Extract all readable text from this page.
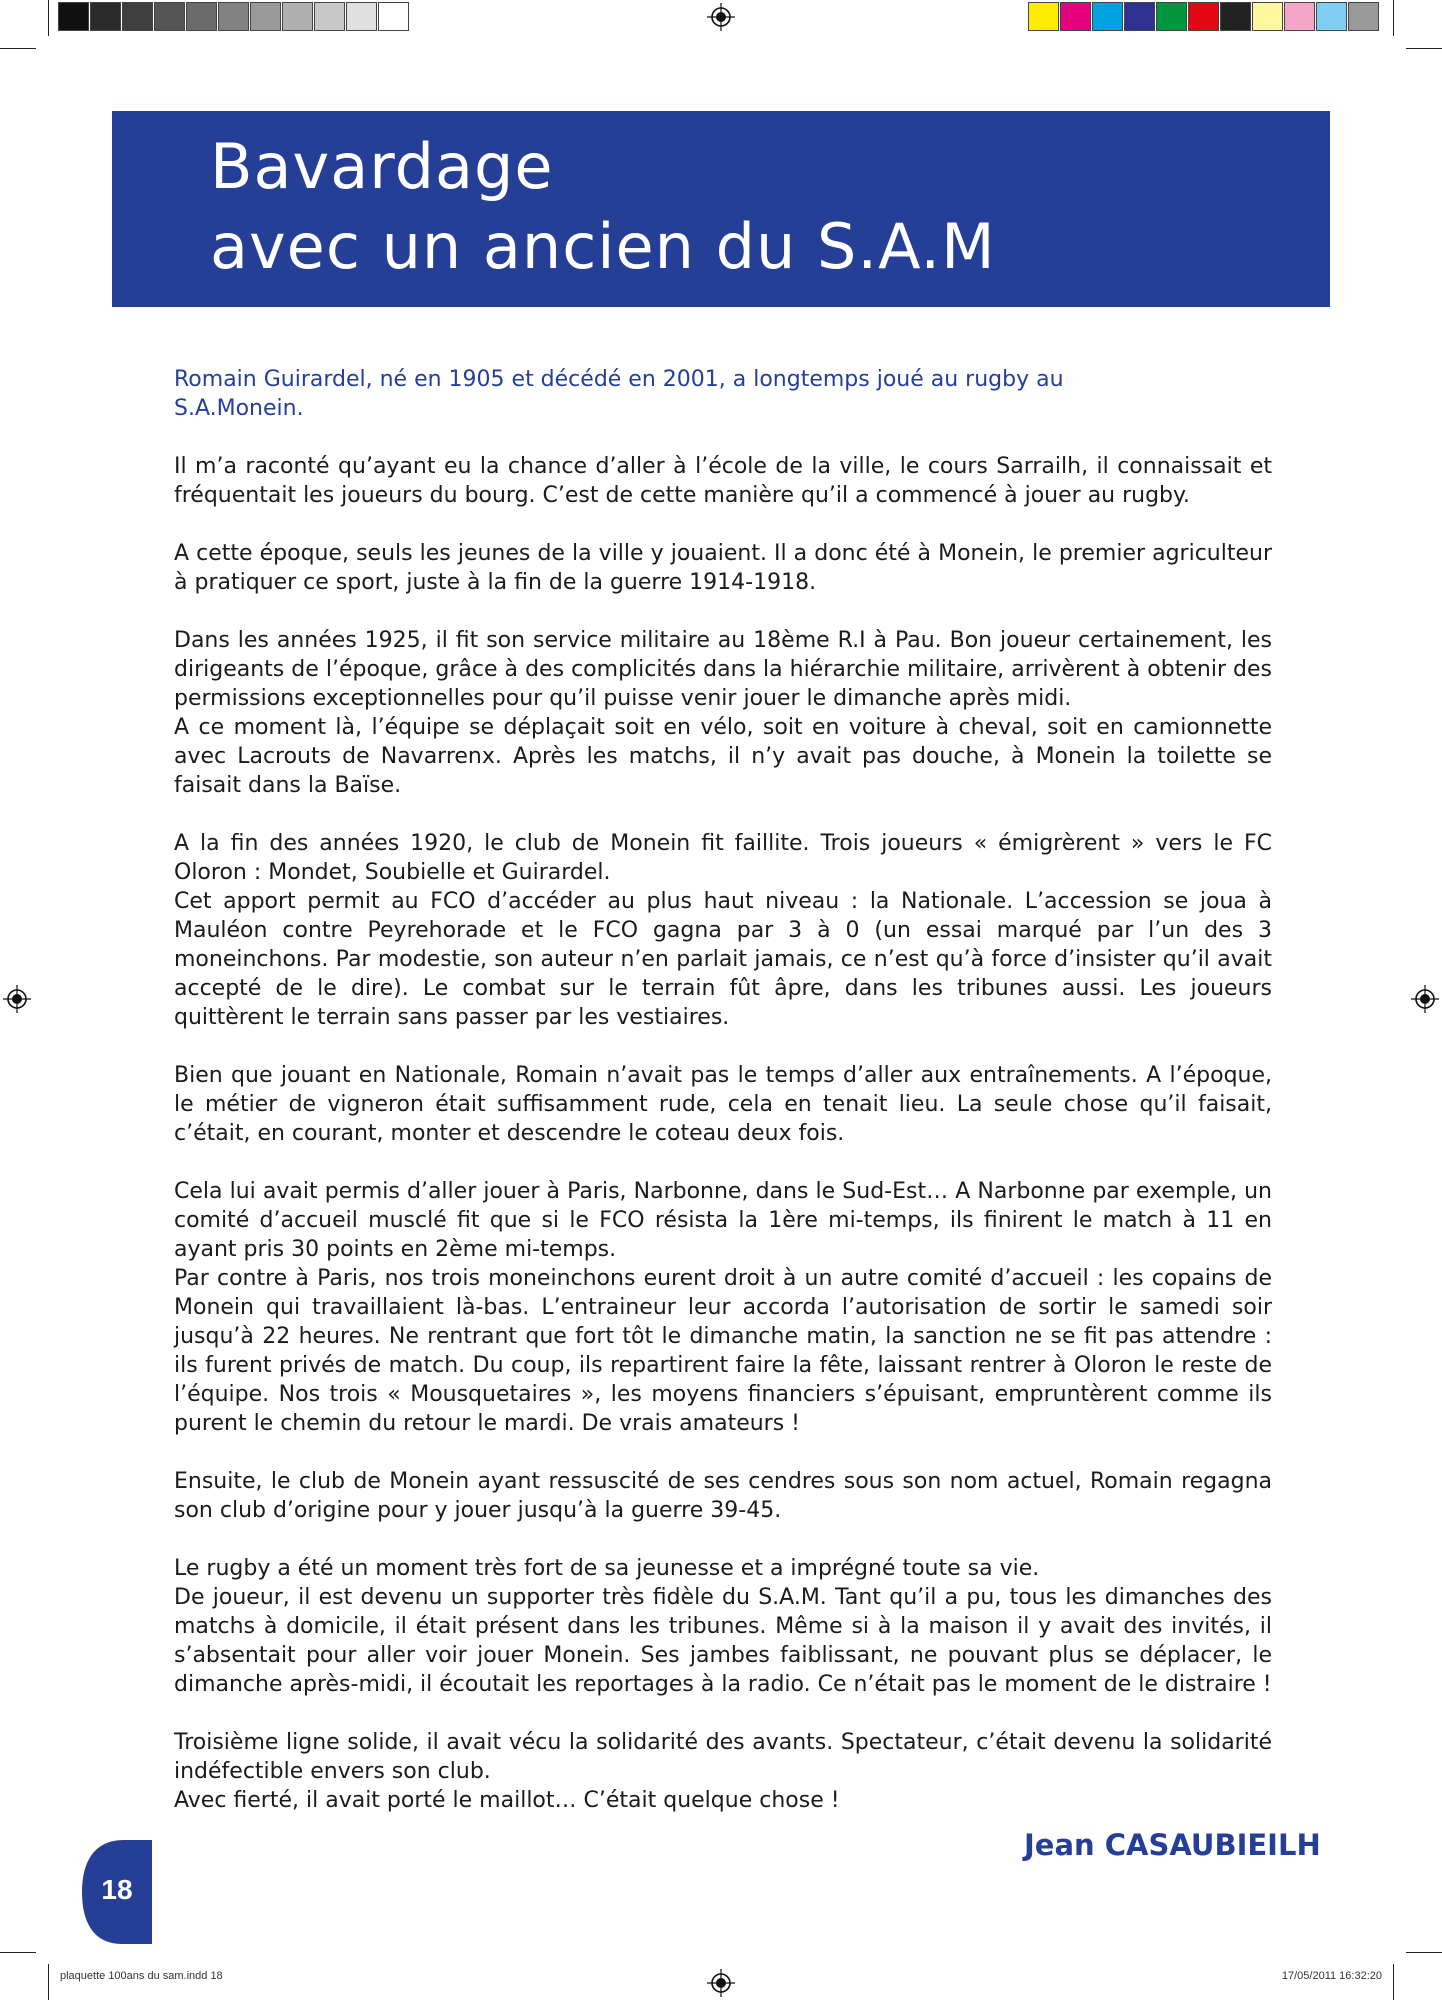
Bavardage
avec un ancien du S.A.M

Romain Guirardel, né en 1905 et décédé en 2001, a longtemps joué au rugby au S.A.Monein.

Il m’a raconté qu’ayant eu la chance d’aller à l’école de la ville, le cours Sarrailh, il connaissait et fréquentait les joueurs du bourg. C’est de cette manière qu’il a commencé à jouer au rugby.

A cette époque, seuls les jeunes de la ville y jouaient. Il a donc été à Monein, le premier agriculteur à pratiquer ce sport, juste à la fin de la guerre 1914-1918.

Dans les années 1925, il fit son service militaire au 18ème R.I à Pau. Bon joueur certainement, les dirigeants de l’époque, grâce à des complicités dans la hiérarchie militaire, arrivèrent à obtenir des permissions exceptionnelles pour qu’il puisse venir jouer le dimanche après midi.

A ce moment là, l’équipe se déplaçait soit en vélo, soit en voiture à cheval, soit en camionnette avec Lacrouts de Navarrenx. Après les matchs, il n’y avait pas douche, à Monein la toilette se faisait dans la Baïse.

A la fin des années 1920, le club de Monein fit faillite. Trois joueurs « émigrèrent » vers le FC Oloron : Mondet, Soubielle et Guirardel.

Cet apport permit au FCO d’accéder au plus haut niveau : la Nationale. L’accession se joua à Mauléon contre Peyrehorade et le FCO gagna par 3 à 0 (un essai marqué par l’un des 3 moneinchons. Par modestie, son auteur n’en parlait jamais, ce n’est qu’à force d’insister qu’il avait accepté de le dire). Le combat sur le terrain fût âpre, dans les tribunes aussi. Les joueurs quittèrent le terrain sans passer par les vestiaires.

Bien que jouant en Nationale, Romain n’avait pas le temps d’aller aux entraînements. A l’époque, le métier de vigneron était suffisamment rude, cela en tenait lieu. La seule chose qu’il faisait, c’était, en courant, monter et descendre le coteau deux fois.

Cela lui avait permis d’aller jouer à Paris, Narbonne, dans le Sud-Est… A Narbonne par exemple, un comité d’accueil musclé fit que si le FCO résista la 1ère mi-temps, ils finirent le match à 11 en ayant pris 30 points en 2ème mi-temps.

Par contre à Paris, nos trois moneinchons eurent droit à un autre comité d’accueil : les copains de Monein qui travaillaient là-bas. L’entraineur leur accorda l’autorisation de sortir le samedi soir jusqu’à 22 heures. Ne rentrant que fort tôt le dimanche matin, la sanction ne se fit pas attendre : ils furent privés de match. Du coup, ils repartirent faire la fête, laissant rentrer à Oloron le reste de l’équipe. Nos trois « Mousquetaires », les moyens financiers s’épuisant, empruntèrent comme ils purent le chemin du retour le mardi. De vrais amateurs !

Ensuite, le club de Monein ayant ressuscité de ses cendres sous son nom actuel, Romain regagna son club d’origine pour y jouer jusqu’à la guerre 39-45.

Le rugby a été un moment très fort de sa jeunesse et a imprégné toute sa vie.

De joueur, il est devenu un supporter très fidèle du S.A.M. Tant qu’il a pu, tous les dimanches des matchs à domicile, il était présent dans les tribunes. Même si à la maison il y avait des invités, il s’absentait pour aller voir jouer Monein. Ses jambes faiblissant, ne pouvant plus se déplacer, le dimanche après-midi, il écoutait les reportages à la radio. Ce n’était pas le moment de le distraire !

Troisième ligne solide, il avait vécu la solidarité des avants. Spectateur, c’était devenu la solidarité indéfectible envers son club.

Avec fierté, il avait porté le maillot… C’était quelque chose !

Jean CASAUBIEILH
18
plaquette 100ans du sam.indd 18	17/05/2011 16:32:20
